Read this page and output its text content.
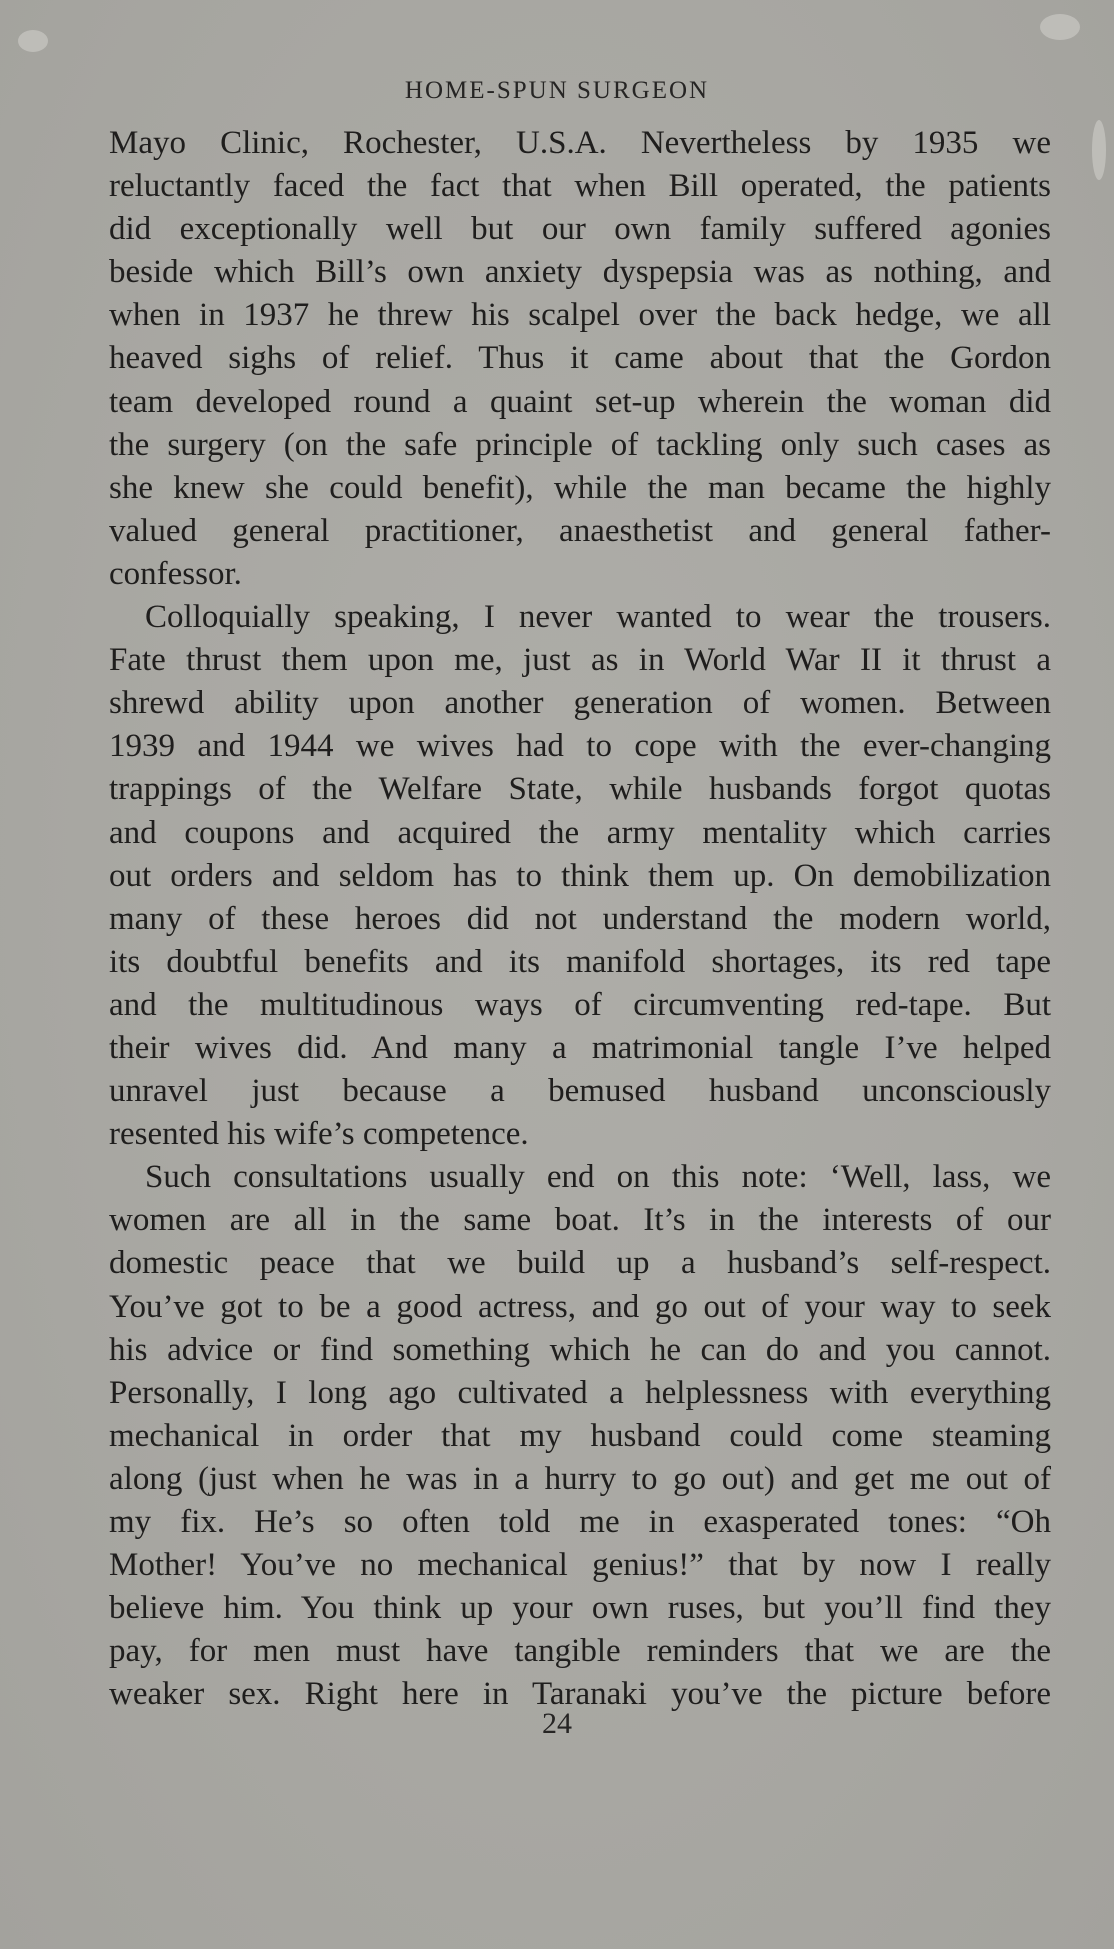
HOME-SPUN SURGEON
Mayo Clinic, Rochester, U.S.A. Nevertheless by 1935 we
reluctantly faced the fact that when Bill operated, the patients
did exceptionally well but our own family suffered agonies
beside which Bill’s own anxiety dyspepsia was as nothing, and
when in 1937 he threw his scalpel over the back hedge, we all
heaved sighs of relief. Thus it came about that the Gordon
team developed round a quaint set-up wherein the woman did
the surgery (on the safe principle of tackling only such cases as
she knew she could benefit), while the man became the highly
valued general practitioner, anaesthetist and general father-
confessor.
Colloquially speaking, I never wanted to wear the trousers.
Fate thrust them upon me, just as in World War II it thrust a
shrewd ability upon another generation of women. Between
1939 and 1944 we wives had to cope with the ever-changing
trappings of the Welfare State, while husbands forgot quotas
and coupons and acquired the army mentality which carries
out orders and seldom has to think them up. On demobilization
many of these heroes did not understand the modern world,
its doubtful benefits and its manifold shortages, its red tape
and the multitudinous ways of circumventing red-tape. But
their wives did. And many a matrimonial tangle I’ve helped
unravel just because a bemused husband unconsciously
resented his wife’s competence.
Such consultations usually end on this note: ‘Well, lass, we
women are all in the same boat. It’s in the interests of our
domestic peace that we build up a husband’s self-respect.
You’ve got to be a good actress, and go out of your way to seek
his advice or find something which he can do and you cannot.
Personally, I long ago cultivated a helplessness with everything
mechanical in order that my husband could come steaming
along (just when he was in a hurry to go out) and get me out of
my fix. He’s so often told me in exasperated tones: “Oh
Mother! You’ve no mechanical genius!” that by now I really
believe him. You think up your own ruses, but you’ll find they
pay, for men must have tangible reminders that we are the
weaker sex. Right here in Taranaki you’ve the picture before
24
